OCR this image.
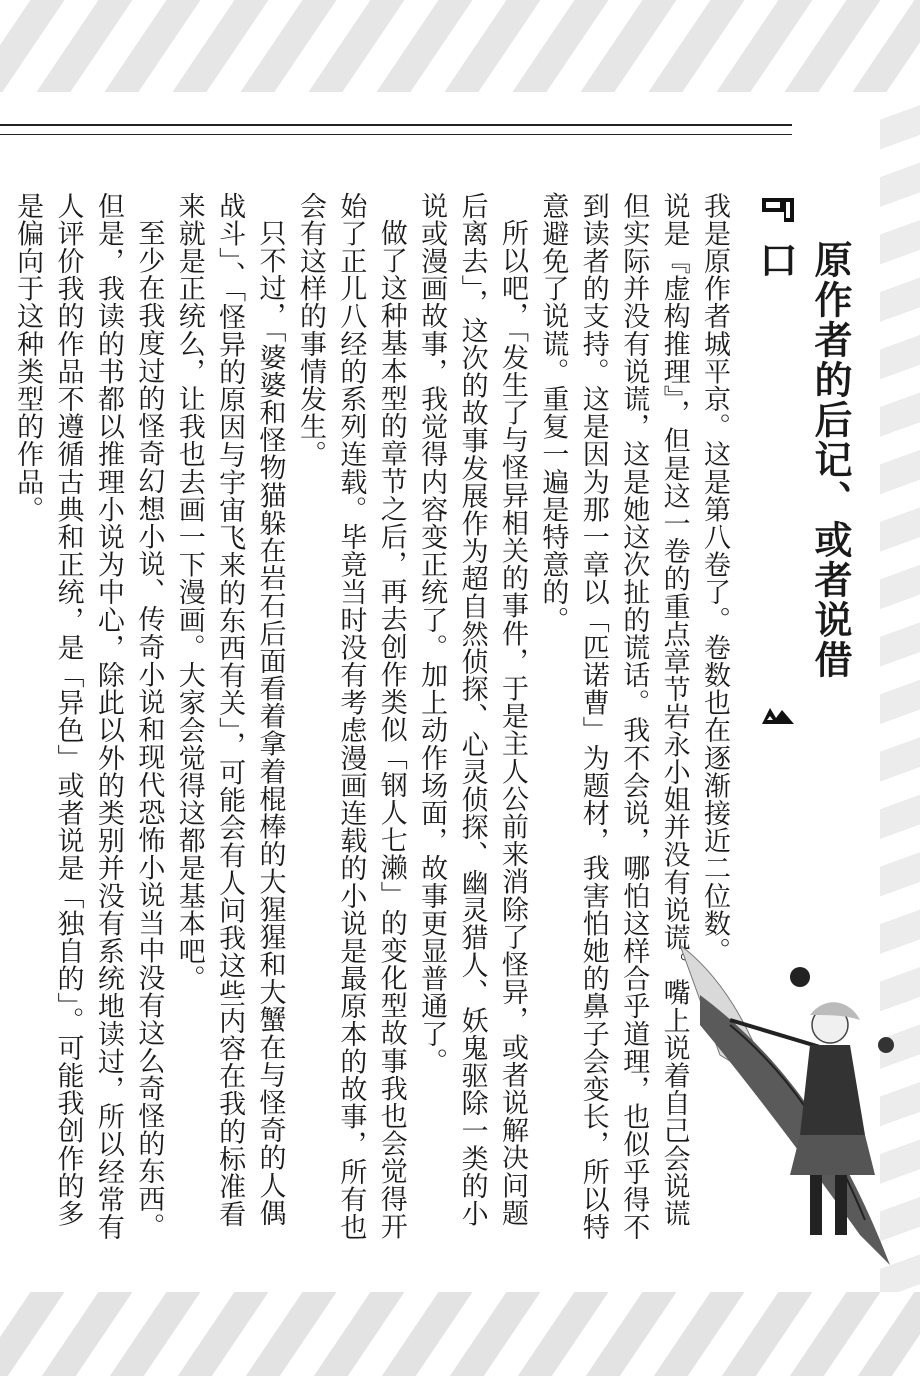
原作者的后记、或者说借口

我是原作者城平京。这是第八卷了。卷数也在逐渐接近二位数。

说是『虚构推理』，但是这一卷的重点章节岩永小姐并没有说谎。嘴上说着自己会说谎但实际并没有说谎，这是她这次扯的谎话。我不会说，哪怕这样合乎道理，也似乎得不到读者的支持。这是因为那一章以「匹诺曹」为题材，我害怕她的鼻子会变长，所以特意避免了说谎。重复一遍是特意的。

所以吧，「发生了与怪异相关的事件，于是主人公前来消除了怪异，或者说解决问题后离去」，这次的故事发展作为超自然侦探、心灵侦探、幽灵猎人、妖鬼驱除一类的小说或漫画故事，我觉得内容变正统了。加上动作场面，故事更显普通了。

做了这种基本型的章节之后，再去创作类似「钢人七濑」的变化型故事我也会觉得开始了正儿八经的系列连载。毕竟当时没有考虑漫画连载的小说是最原本的故事，所有也会有这样的事情发生。

只不过，「婆婆和怪物猫躲在岩石后面看着拿着棍棒的大猩猩和大蟹在与怪奇的人偶战斗」、「怪异的原因与宇宙飞来的东西有关」，可能会有人问我这些内容在我的标准看来就是正统么，让我也去画一下漫画。大家会觉得这都是基本吧。

至少在我度过的怪奇幻想小说、传奇小说和现代恐怖小说当中没有这么奇怪的东西。但是，我读的书都以推理小说为中心，除此以外的类别并没有系统地读过，所以经常有人评价我的作品不遵循古典和正统，是「异色」或者说是「独自的」。可能我创作的多是偏向于这种类型的作品。
